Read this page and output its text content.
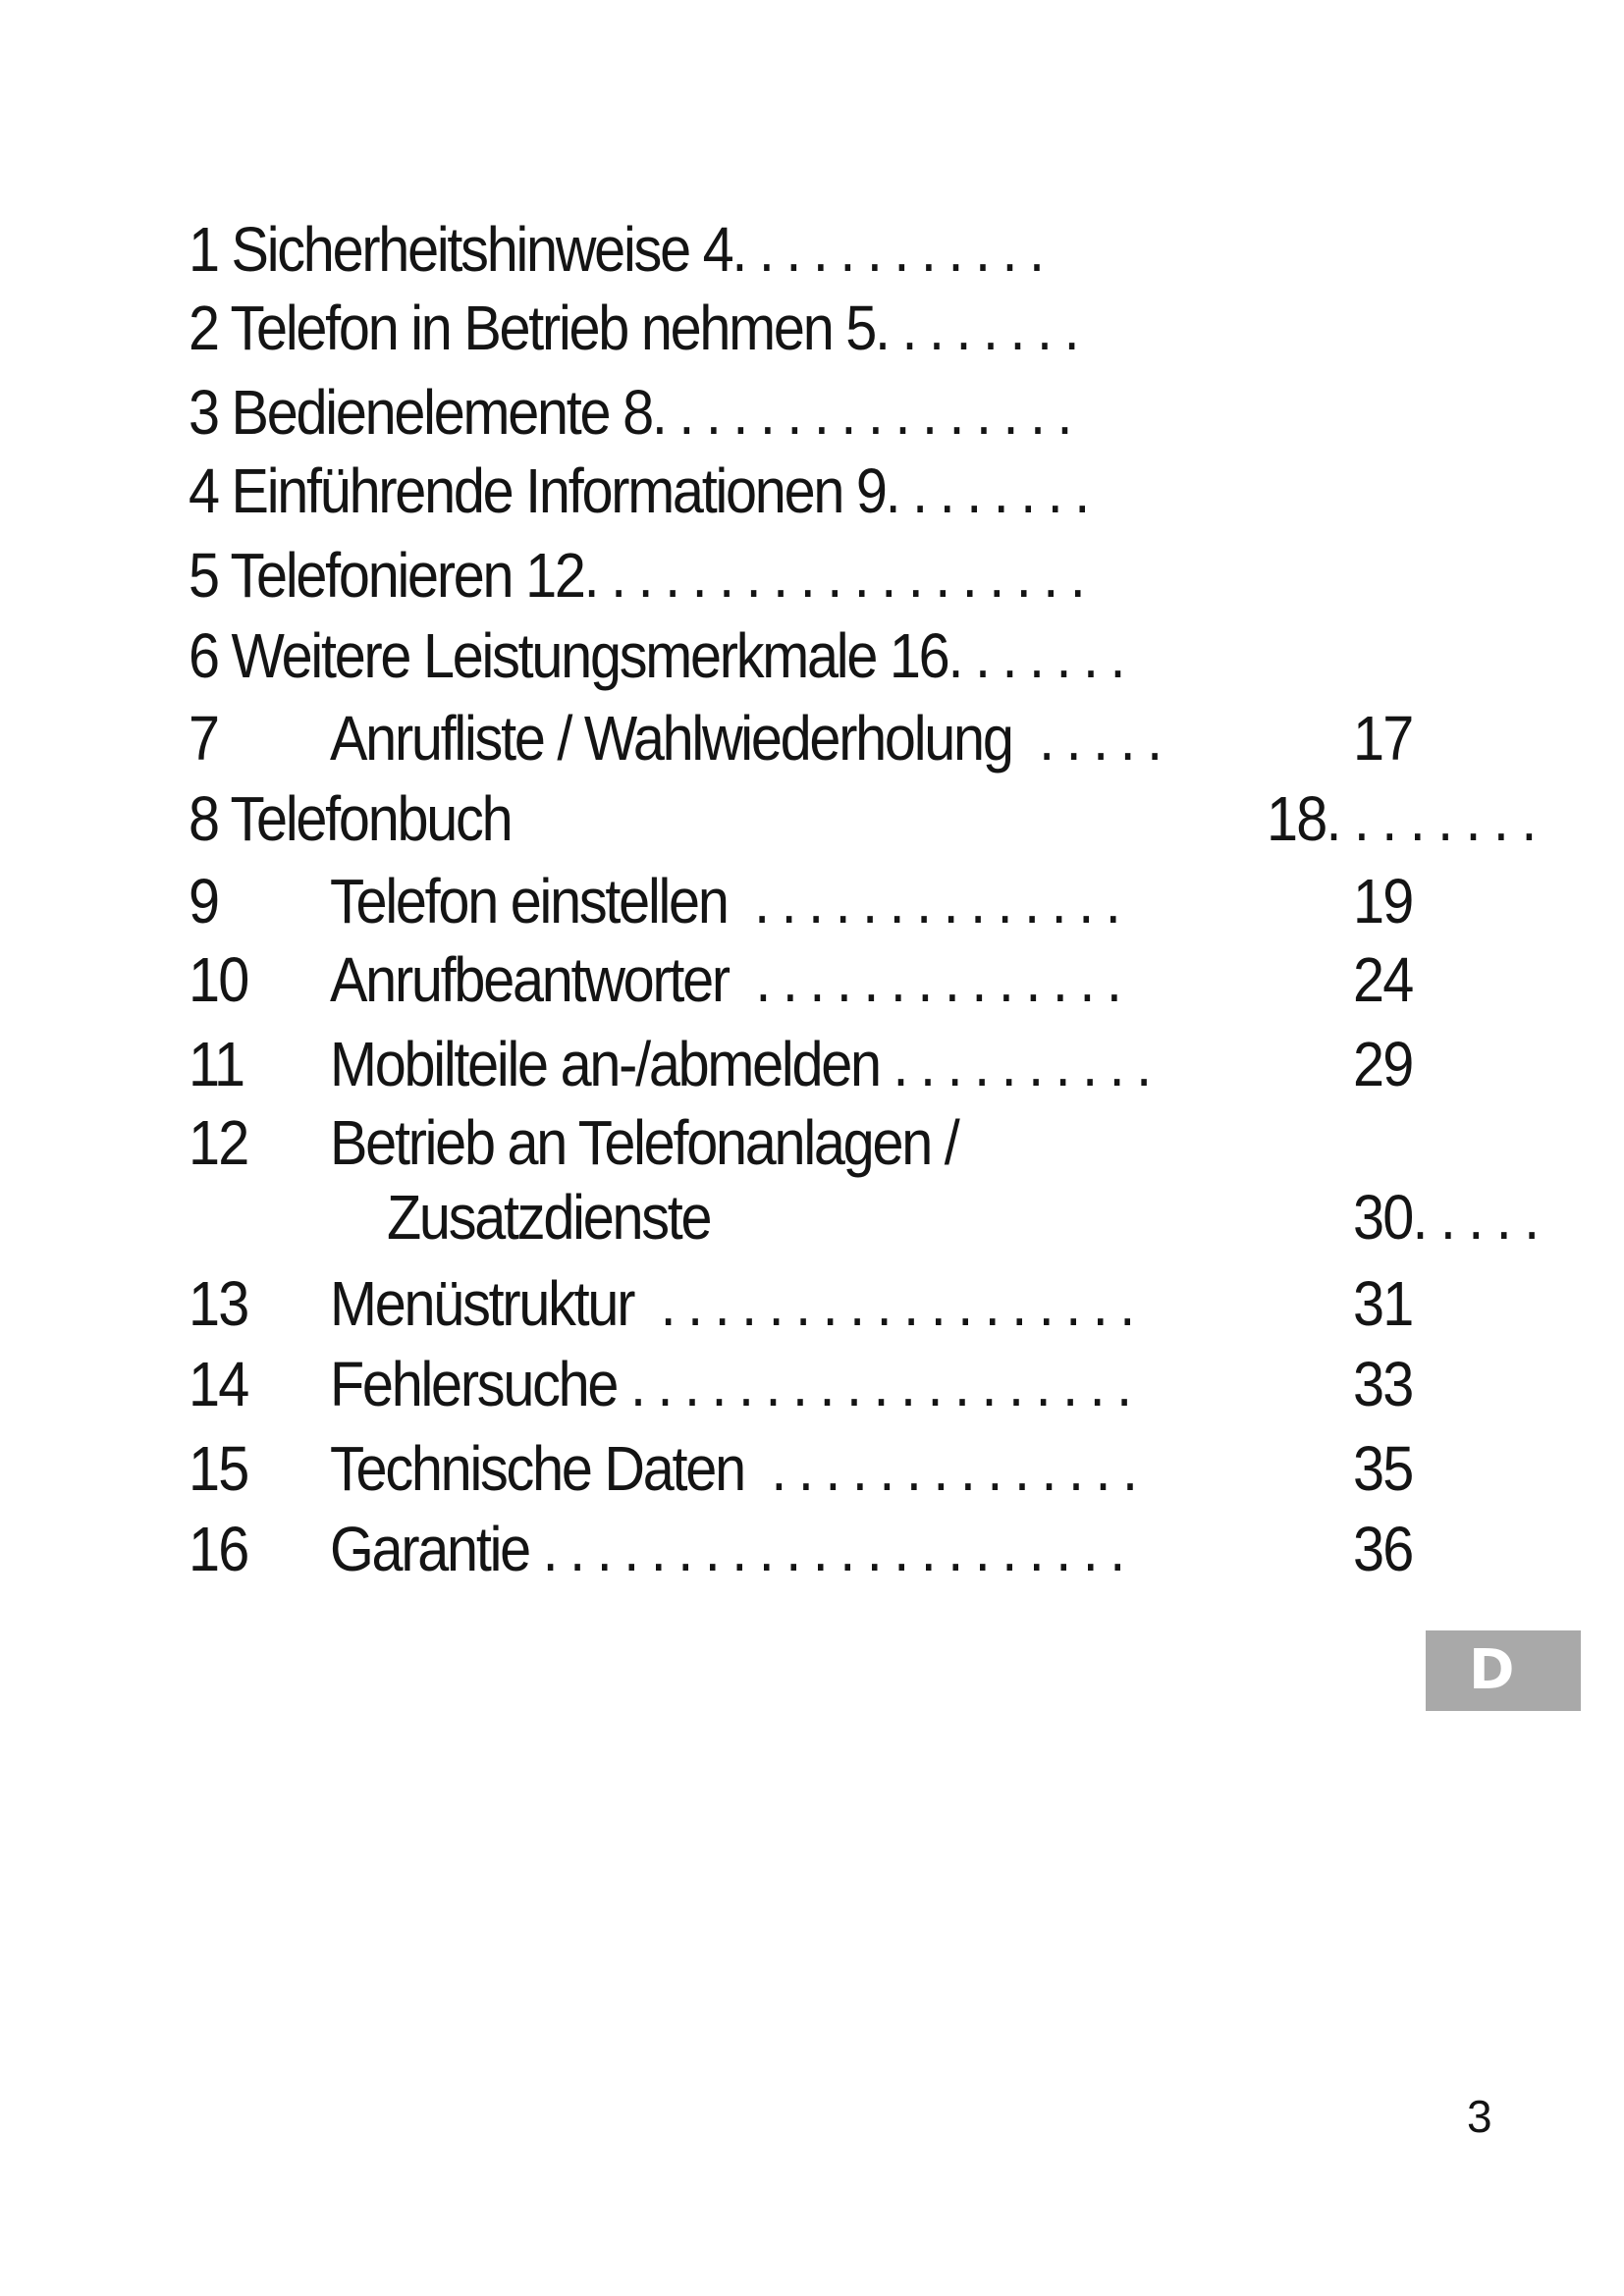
1 Sicherheitshinweise 4. . . . . . . . . . . .
2 Telefon in Betrieb nehmen 5. . . . . . . .
3 Bedienelemente 8. . . . . . . . . . . . . . . .
4 Einführende Informationen 9. . . . . . . .
5 Telefonieren 12. . . . . . . . . . . . . . . . . . .
6 Weitere Leistungsmerkmale 16. . . . . . .
7 Anrufliste / Wahlwiederholung  . . . . .	17
8 Telefonbuch	18. . . . . . . .
9 Telefon einstellen  . . . . . . . . . . . . . .	19
10 Anrufbeantworter  . . . . . . . . . . . . . .	24
11 Mobilteile an-/abmelden . . . . . . . . . .	29
12 Betrieb an Telefonanlagen /
Zusatzdienste	30. . . . .
13 Menüstruktur  . . . . . . . . . . . . . . . . . .	31
14 Fehlersuche . . . . . . . . . . . . . . . . . . .	33
15 Technische Daten  . . . . . . . . . . . . . .	35
16 Garantie . . . . . . . . . . . . . . . . . . . . . .	36
D
3
